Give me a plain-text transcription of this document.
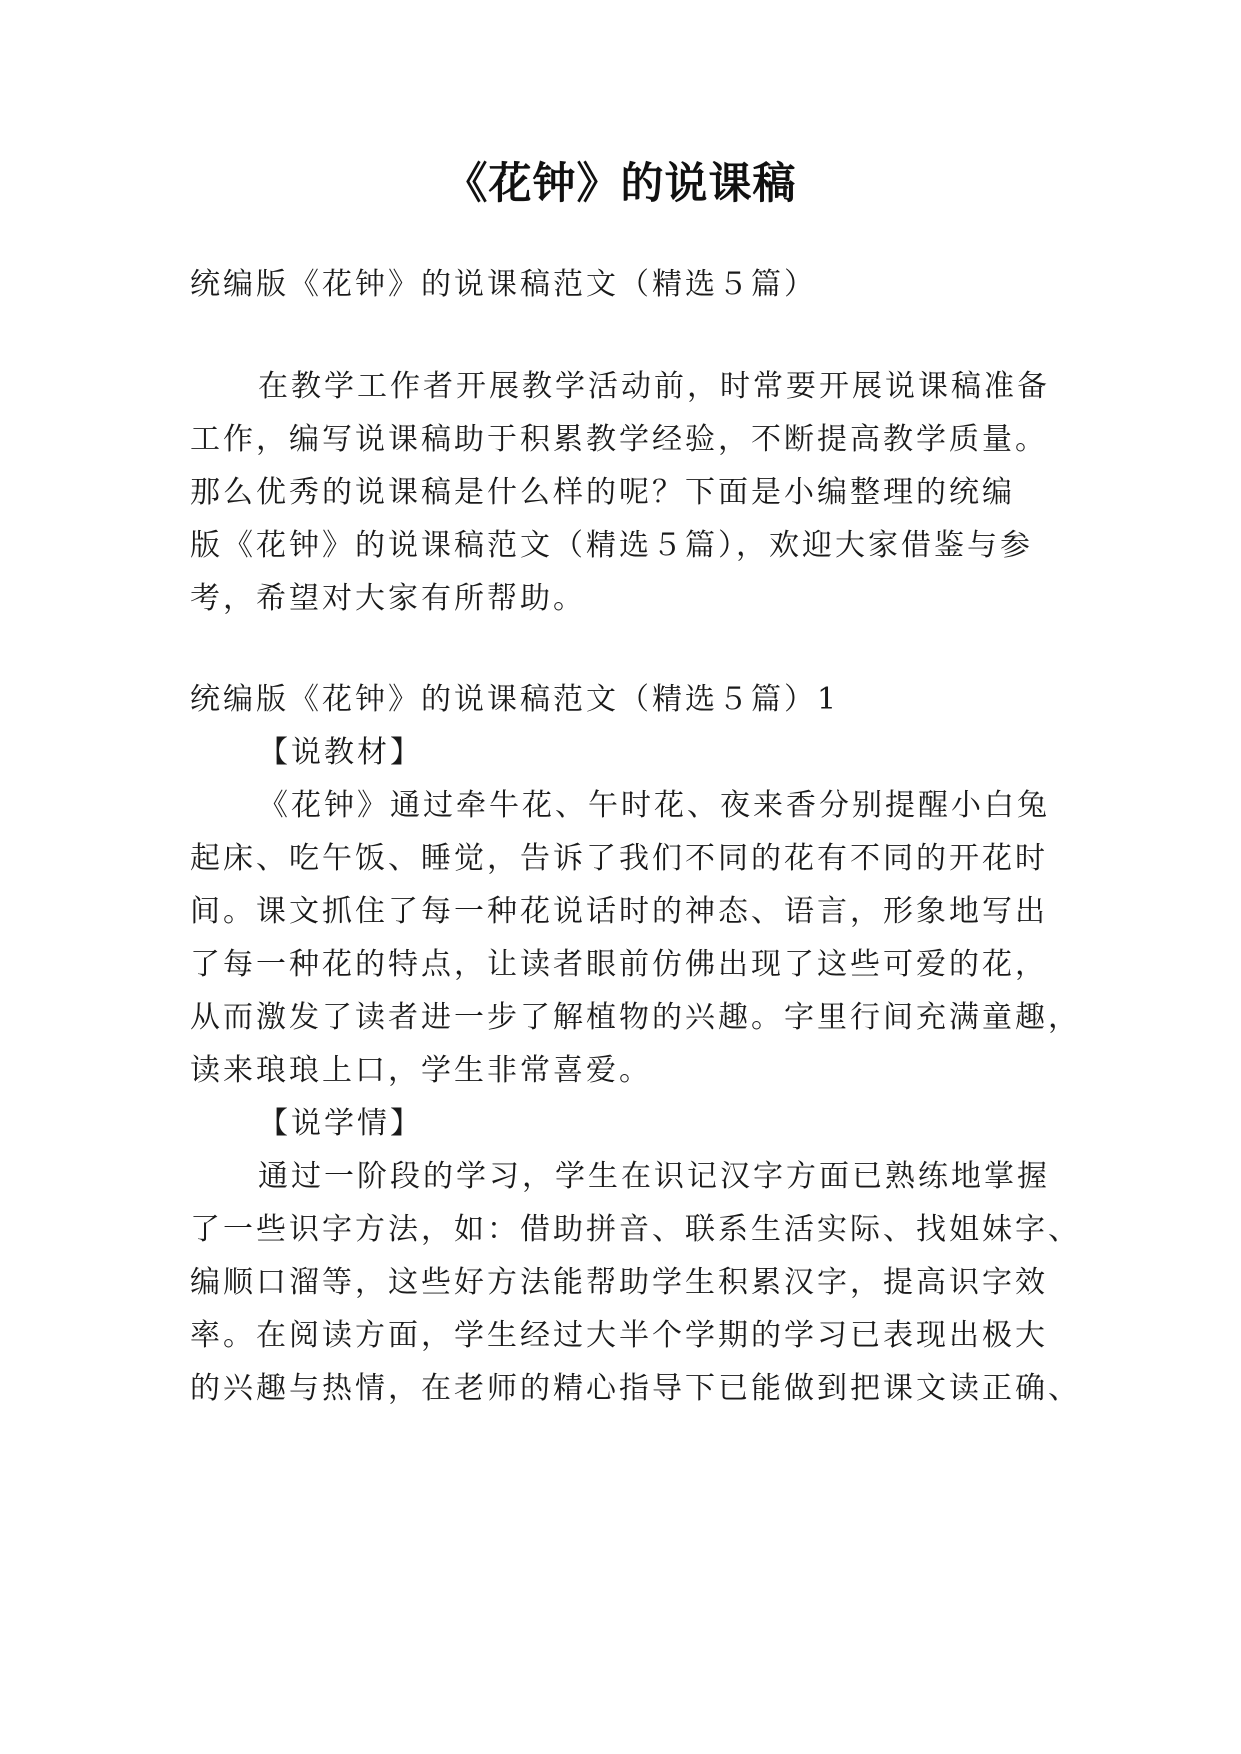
《花钟》的说课稿
统编版《花钟》的说课稿范文（精选５篇）
在教学工作者开展教学活动前，时常要开展说课稿准备
工作，编写说课稿助于积累教学经验，不断提高教学质量。
那么优秀的说课稿是什么样的呢？下面是小编整理的统编
版《花钟》的说课稿范文（精选５篇），欢迎大家借鉴与参
考，希望对大家有所帮助。
统编版《花钟》的说课稿范文（精选５篇）1
【说教材】
《花钟》通过牵牛花、午时花、夜来香分别提醒小白兔
起床、吃午饭、睡觉，告诉了我们不同的花有不同的开花时
间。课文抓住了每一种花说话时的神态、语言，形象地写出
了每一种花的特点，让读者眼前仿佛出现了这些可爱的花，
从而激发了读者进一步了解植物的兴趣。字里行间充满童趣，
读来琅琅上口，学生非常喜爱。
【说学情】
通过一阶段的学习，学生在识记汉字方面已熟练地掌握
了一些识字方法，如：借助拼音、联系生活实际、找姐妹字、
编顺口溜等，这些好方法能帮助学生积累汉字，提高识字效
率。在阅读方面，学生经过大半个学期的学习已表现出极大
的兴趣与热情，在老师的精心指导下已能做到把课文读正确、
